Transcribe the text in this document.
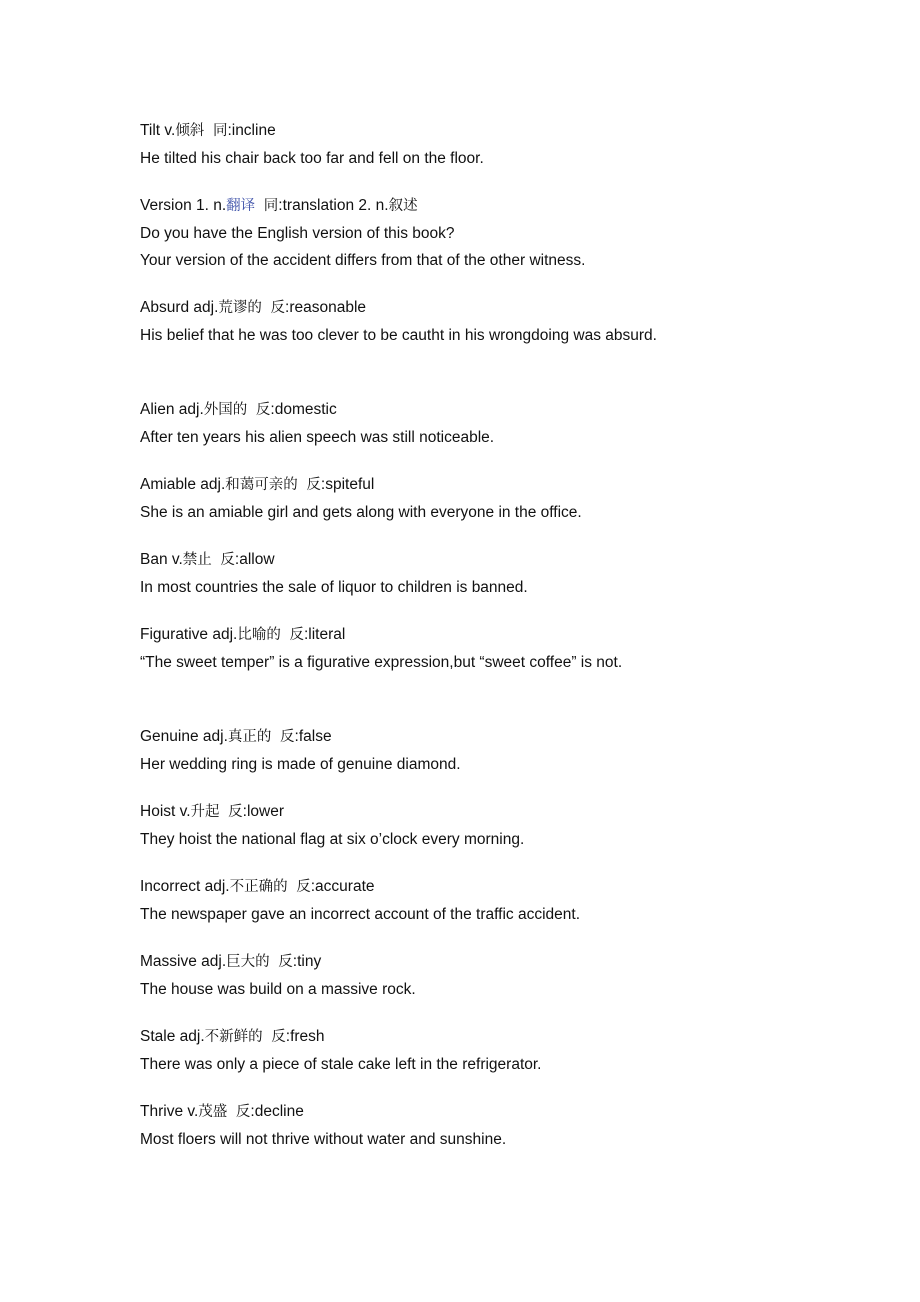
Tilt v.倾斜 同:incline
He tilted his chair back too far and fell on the floor.
Version 1. n.翻译 同:translation 2. n.叙述
Do you have the English version of this book?
Your version of the accident differs from that of the other witness.
Absurd adj.荒谬的 反:reasonable
His belief that he was too clever to be cautht in his wrongdoing was absurd.
Alien adj.外国的 反:domestic
After ten years his alien speech was still noticeable.
Amiable adj.和蔼可亲的 反:spiteful
She is an amiable girl and gets along with everyone in the office.
Ban v.禁止 反:allow
In most countries the sale of liquor to children is banned.
Figurative adj.比喻的 反:literal
“The sweet temper” is a figurative expression,but “sweet coffee” is not.
Genuine adj.真正的 反:false
Her wedding ring is made of genuine diamond.
Hoist v.升起 反:lower
They hoist the national flag at six o’clock every morning.
Incorrect adj.不正确的 反:accurate
The newspaper gave an incorrect account of the traffic accident.
Massive adj.巨大的 反:tiny
The house was build on a massive rock.
Stale adj.不新鲜的 反:fresh
There was only a piece of stale cake left in the refrigerator.
Thrive v.茂盛 反:decline
Most floers will not thrive without water and sunshine.
